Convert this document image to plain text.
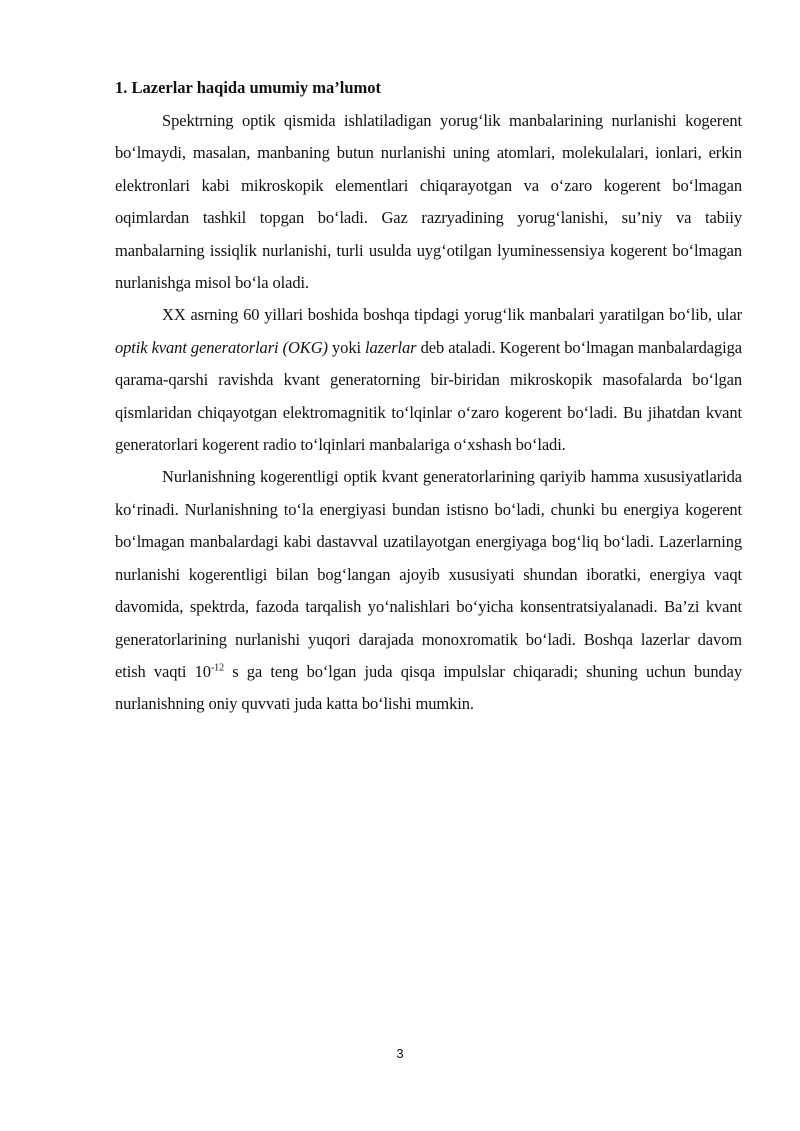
1. Lazerlar haqida umumiy ma’lumot

Spektrning optik qismida ishlatiladigan yorug‘lik manbalarining nurlanishi kogerent bo‘lmaydi, masalan, manbaning butun nurlanishi uning atomlari, molekulalari, ionlari, erkin elektronlari kabi mikroskopik elementlari chiqarayotgan va o‘zaro kogerent bo‘lmagan oqimlardan tashkil topgan bo‘ladi. Gaz razryadining yorug‘lanishi, su’niy va tabiiy manbalarning issiqlik nurlanishi, turli usulda uyg‘otilgan lyuminessensiya kogerent bo‘lmagan nurlanishga misol bo‘la oladi.

XX asrning 60 yillari boshida boshqa tipdagi yorug‘lik manbalari yaratilgan bo‘lib, ular optik kvant generatorlari (OKG) yoki lazerlar deb ataladi. Kogerent bo‘lmagan manbalardagiga qarama-qarshi ravishda kvant generatorning bir-biridan mikroskopik masofalarda bo‘lgan qismlaridan chiqayotgan elektromagnitik to‘lqinlar o‘zaro kogerent bo‘ladi. Bu jihatdan kvant generatorlari kogerent radio to‘lqinlari manbalariga o‘xshash bo‘ladi.

Nurlanishning kogerentligi optik kvant generatorlarining qariyib hamma xususiyatlarida ko‘rinadi. Nurlanishning to‘la energiyasi bundan istisno bo‘ladi, chunki bu energiya kogerent bo‘lmagan manbalardagi kabi dastavval uzatilayotgan energiyaga bog‘liq bo‘ladi. Lazerlarning nurlanishi kogerentligi bilan bog‘langan ajoyib xususiyati shundan iboratki, energiya vaqt davomida, spektrda, fazoda tarqalish yo‘nalishlari bo‘yicha konsentratsiyalanadi. Ba’zi kvant generatorlarining nurlanishi yuqori darajada monoxromatik bo‘ladi. Boshqa lazerlar davom etish vaqti $10^{-12}$ s ga teng bo‘lgan juda qisqa impulslar chiqaradi; shuning uchun bunday nurlanishning oniy quvvati juda katta bo‘lishi mumkin.

3
